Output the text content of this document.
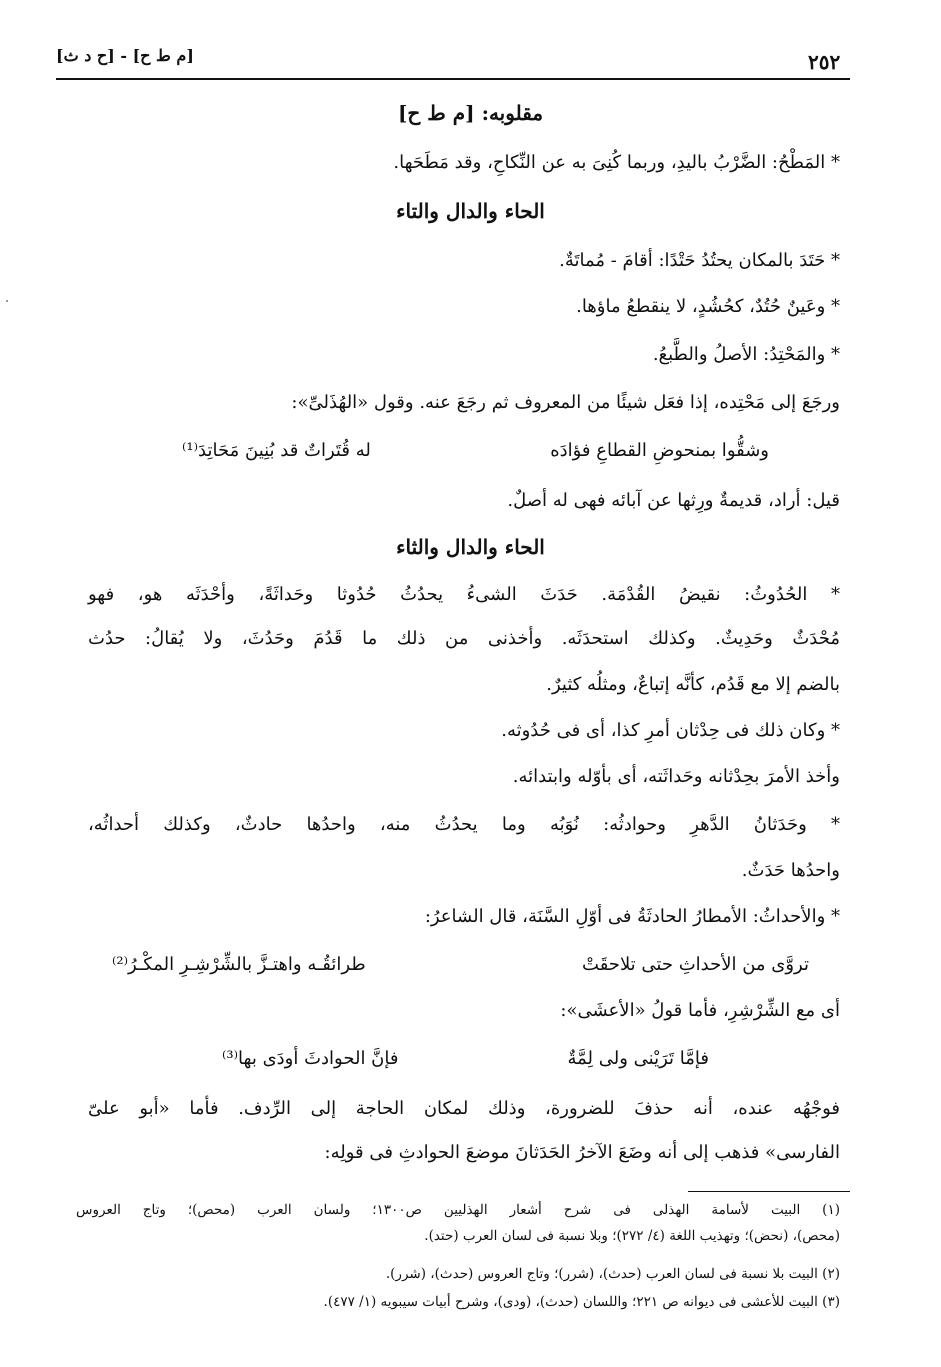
٢٥٢
[م ط ح] - [ح د ث]
مقلوبه: [م ط ح]
* المَطْحُ: الضَّرْبُ باليدِ، وربما كُنِىَ به عن النِّكاحِ، وقد مَطَحَها.
الحاء والدال والتاء
* حَتَدَ بالمكان يحتُدُ حَتْدًا: أقامَ - مُماتَةٌ.
* وعَينٌ حُتُدٌ، كحُشُدٍ، لا ينقطعُ ماؤها.
* والمَحْتِدُ: الأصلُ والطَّبعُ.
ورجَعَ إلى مَحْتِده، إذا فعَل شيئًا من المعروف ثم رجَعَ عنه. وقول «الهُذَلىِّ»:
وشقُّوا بمنحوضِ القطاعِ فؤادَه
له قُتَراتٌ قد بُنِينَ مَحَاتِدَ⁽¹⁾
قيل: أراد، قديمةٌ ورِثها عن آبائه فهى له أصلٌ.
الحاء والدال والثاء
* الحُدُوثُ: نقيضُ القُدْمَة. حَدَثَ الشىءُ يحدُثُ حُدُوثا وحَداثَةً، وأحْدَثَه هو، فهو
مُحْدَثٌ وحَدِيثٌ. وكذلك استحدَثَه. وأخذنى من ذلك ما قَدُمَ وحَدُثَ، ولا يُقالُ: حدُث
بالضم إلا مع قَدُم، كأنَّه إتباعٌ، ومثلُه كثيرٌ.
* وكان ذلك فى حِدْثان أمرِ كذا، أى فى حُدُوثه.
وأخذ الأمرَ بحِدْثانه وحَداثَته، أى بأوّله وابتدائه.
* وحَدَثانُ الدَّهرِ وحوادثُه: نُوَبُه وما يحدُثُ منه، واحدُها حادثٌ، وكذلك أحداثُه،
واحدُها حَدَثٌ.
* والأحداثُ: الأمطارُ الحادثَةُ فى أوّلِ السَّنَة، قال الشاعرُ:
تروَّى من الأحداثِ حتى تلاحقَتْ
طرائقُـه واهتـزَّ بالشِّرْشِـرِ المكْـرُ⁽²⁾
أى مع الشِّرْشِرِ، فأما قولُ «الأعشَى»:
فإمَّا تَرَيْنى ولى لِمَّةٌ
فإنَّ الحوادثَ أودَى بها⁽³⁾
فوجْهُه عنده، أنه حذفَ للضرورة، وذلك لمكان الحاجة إلى الرِّدف. فأما «أبو علىّ
الفارسى» فذهب إلى أنه وضَعَ الآخرُ الحَدَثانَ موضعَ الحوادثِ فى قولِه:
(١) البيت لأسامة الهذلى فى شرح أشعار الهذليين ص١٣٠٠؛ ولسان العرب (محص)؛ وتاج العروس
(محص)، (نحض)؛ وتهذيب اللغة (٤/ ٢٧٢)؛ وبلا نسبة فى لسان العرب (حتد).
(٢) البيت بلا نسبة فى لسان العرب (حدث)، (شرر)؛ وتاج العروس (حدث)، (شرر).
(٣) البيت للأعشى فى ديوانه ص ٢٢١؛ واللسان (حدث)، (ودى)، وشرح أبيات سيبويه (١/ ٤٧٧).
